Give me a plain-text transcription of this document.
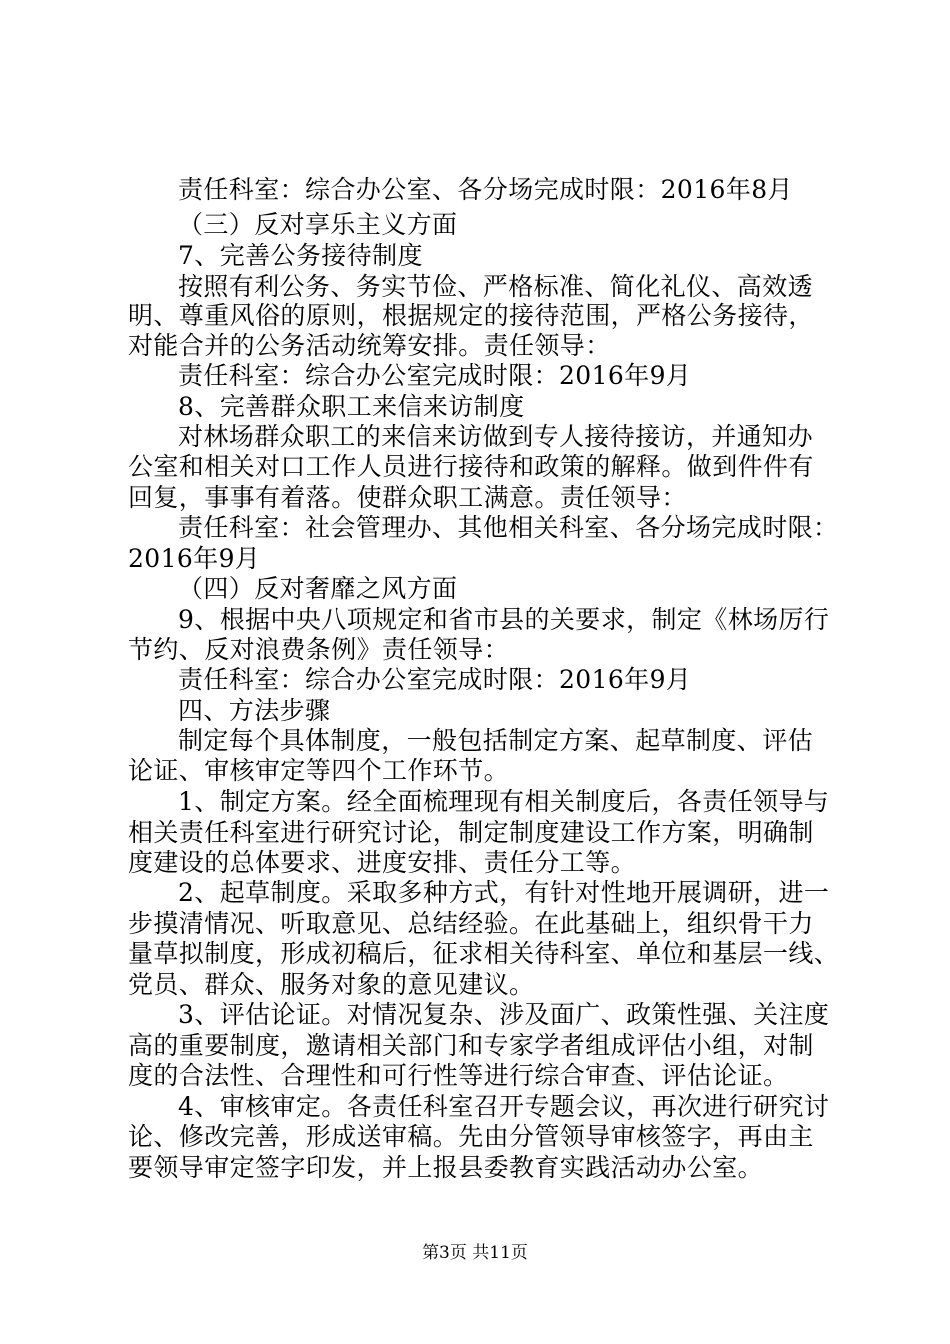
责任科室：综合办公室、各分场完成时限：2016年8月
（三）反对享乐主义方面
7、完善公务接待制度
按照有利公务、务实节俭、严格标准、简化礼仪、高效透
明、尊重风俗的原则，根据规定的接待范围，严格公务接待，
对能合并的公务活动统筹安排。责任领导：
责任科室：综合办公室完成时限：2016年9月
8、完善群众职工来信来访制度
对林场群众职工的来信来访做到专人接待接访，并通知办
公室和相关对口工作人员进行接待和政策的解释。做到件件有
回复，事事有着落。使群众职工满意。责任领导：
责任科室：社会管理办、其他相关科室、各分场完成时限：
2016年9月
（四）反对奢靡之风方面
9、根据中央八项规定和省市县的关要求，制定《林场厉行
节约、反对浪费条例》责任领导：
责任科室：综合办公室完成时限：2016年9月
四、方法步骤
制定每个具体制度，一般包括制定方案、起草制度、评估
论证、审核审定等四个工作环节。
1、制定方案。经全面梳理现有相关制度后，各责任领导与
相关责任科室进行研究讨论，制定制度建设工作方案，明确制
度建设的总体要求、进度安排、责任分工等。
2、起草制度。采取多种方式，有针对性地开展调研，进一
步摸清情况、听取意见、总结经验。在此基础上，组织骨干力
量草拟制度，形成初稿后，征求相关待科室、单位和基层一线、
党员、群众、服务对象的意见建议。
3、评估论证。对情况复杂、涉及面广、政策性强、关注度
高的重要制度，邀请相关部门和专家学者组成评估小组，对制
度的合法性、合理性和可行性等进行综合审查、评估论证。
4、审核审定。各责任科室召开专题会议，再次进行研究讨
论、修改完善，形成送审稿。先由分管领导审核签字，再由主
要领导审定签字印发，并上报县委教育实践活动办公室。
第3页 共11页
